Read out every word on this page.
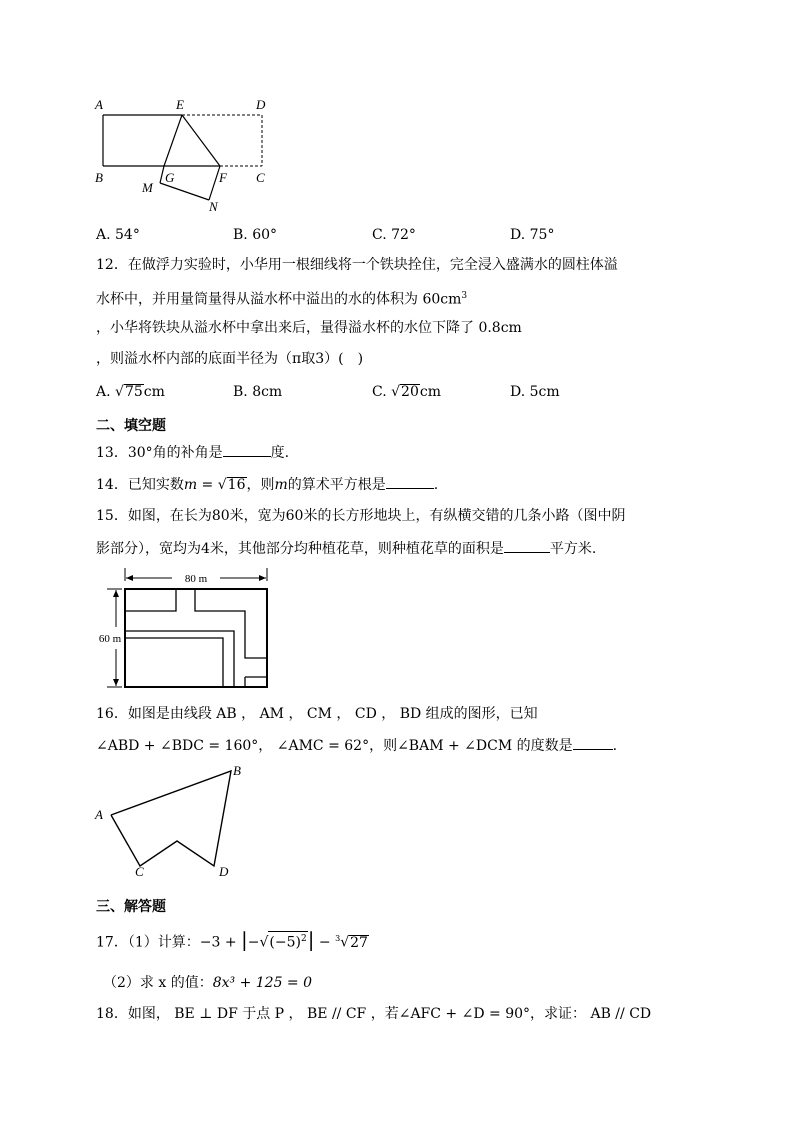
A	E	D
B	G	F C
M
N
A. 54°	B. 60°	C. 72°	D. 75°
12．在做浮力实验时，小华用一根细线将一个铁块拴住，完全浸入盛满水的圆柱体溢
水杯中，并用量筒量得从溢水杯中溢出的水的体积为 $60cm^3$
，小华将铁块从溢水杯中拿出来后，量得溢水杯的水位下降了 0.8cm
，则溢水杯内部的底面半径为（π取3）(　)
A. √75cm	B. 8cm	C. √20cm	D. 5cm
二、填空题
13．30°角的补角是	度.
14．已知实数m = √16，则m的算术平方根是	.
15．如图，在长为80米，宽为60米的长方形地块上，有纵横交错的几条小路（图中阴
影部分），宽均为4米，其他部分均种植花草，则种植花草的面积是	平方米.
80 m
60 m
16．如图是由线段 AB ， AM ， CM ， CD ， BD 组成的图形，已知
∠ABD + ∠BDC = 160°， ∠AMC = 62°，则∠BAM + ∠DCM 的度数是	.
A
B
C	D
三、解答题
17．（1）计算：$-3 + |-√(-5)^2| - ^3√27$
（2）求 x 的值：8x³ + 125 = 0
18．如图， BE ⊥ DF 于点 P ， BE // CF ，若∠AFC + ∠D = 90°，求证： AB // CD
